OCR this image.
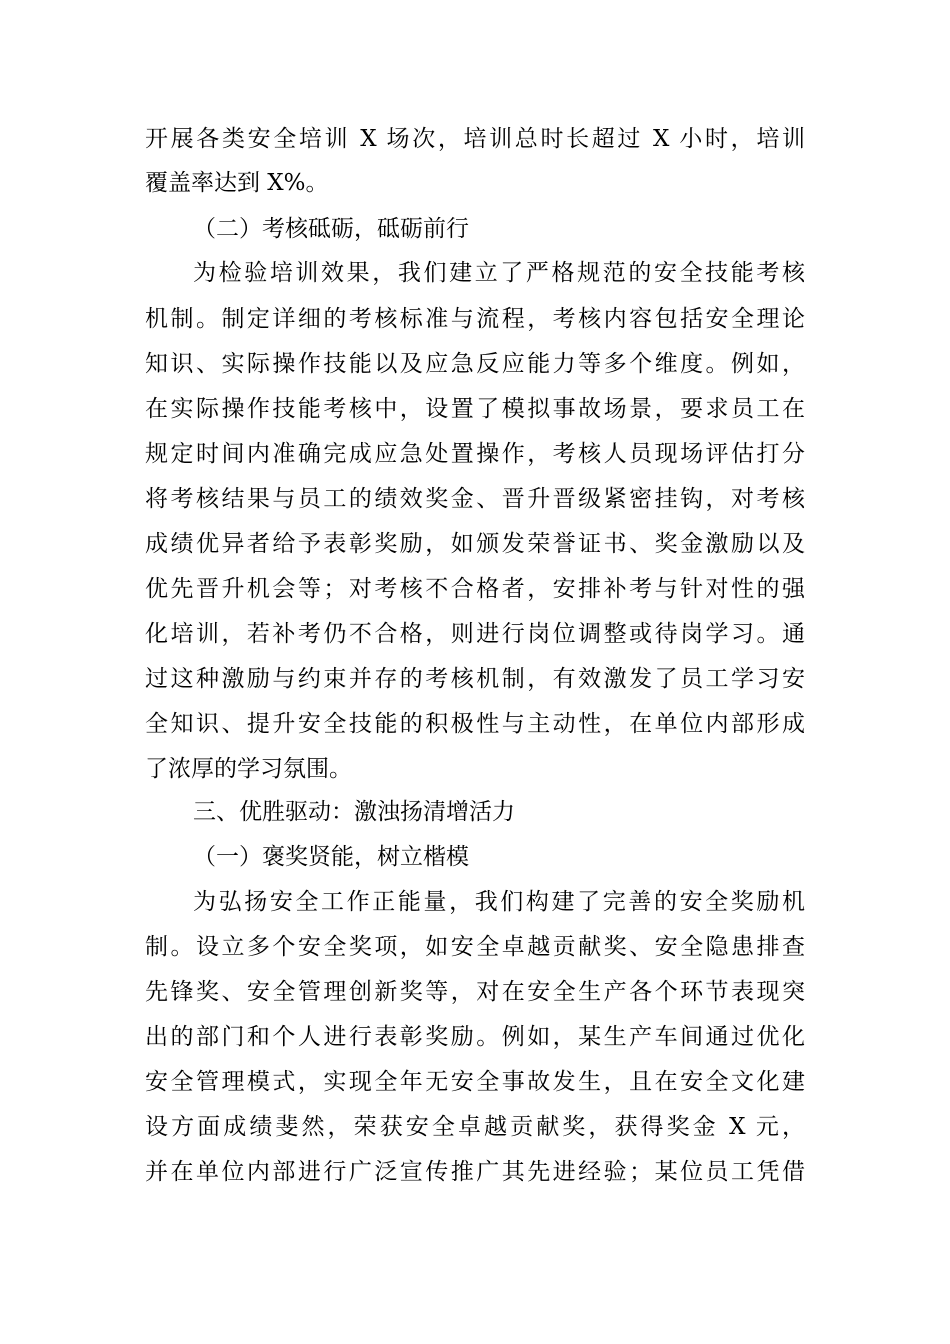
开展各类安全培训 X 场次，培训总时长超过 X 小时，培训
覆盖率达到 X%。
（二）考核砥砺，砥砺前行
为检验培训效果，我们建立了严格规范的安全技能考核
机制。制定详细的考核标准与流程，考核内容包括安全理论
知识、实际操作技能以及应急反应能力等多个维度。例如，
在实际操作技能考核中，设置了模拟事故场景，要求员工在
规定时间内准确完成应急处置操作，考核人员现场评估打分
将考核结果与员工的绩效奖金、晋升晋级紧密挂钩，对考核
成绩优异者给予表彰奖励，如颁发荣誉证书、奖金激励以及
优先晋升机会等；对考核不合格者，安排补考与针对性的强
化培训，若补考仍不合格，则进行岗位调整或待岗学习。通
过这种激励与约束并存的考核机制，有效激发了员工学习安
全知识、提升安全技能的积极性与主动性，在单位内部形成
了浓厚的学习氛围。
三、优胜驱动：激浊扬清增活力
（一）褒奖贤能，树立楷模
为弘扬安全工作正能量，我们构建了完善的安全奖励机
制。设立多个安全奖项，如安全卓越贡献奖、安全隐患排查
先锋奖、安全管理创新奖等，对在安全生产各个环节表现突
出的部门和个人进行表彰奖励。例如，某生产车间通过优化
安全管理模式，实现全年无安全事故发生，且在安全文化建
设方面成绩斐然，荣获安全卓越贡献奖，获得奖金 X 元，
并在单位内部进行广泛宣传推广其先进经验；某位员工凭借
